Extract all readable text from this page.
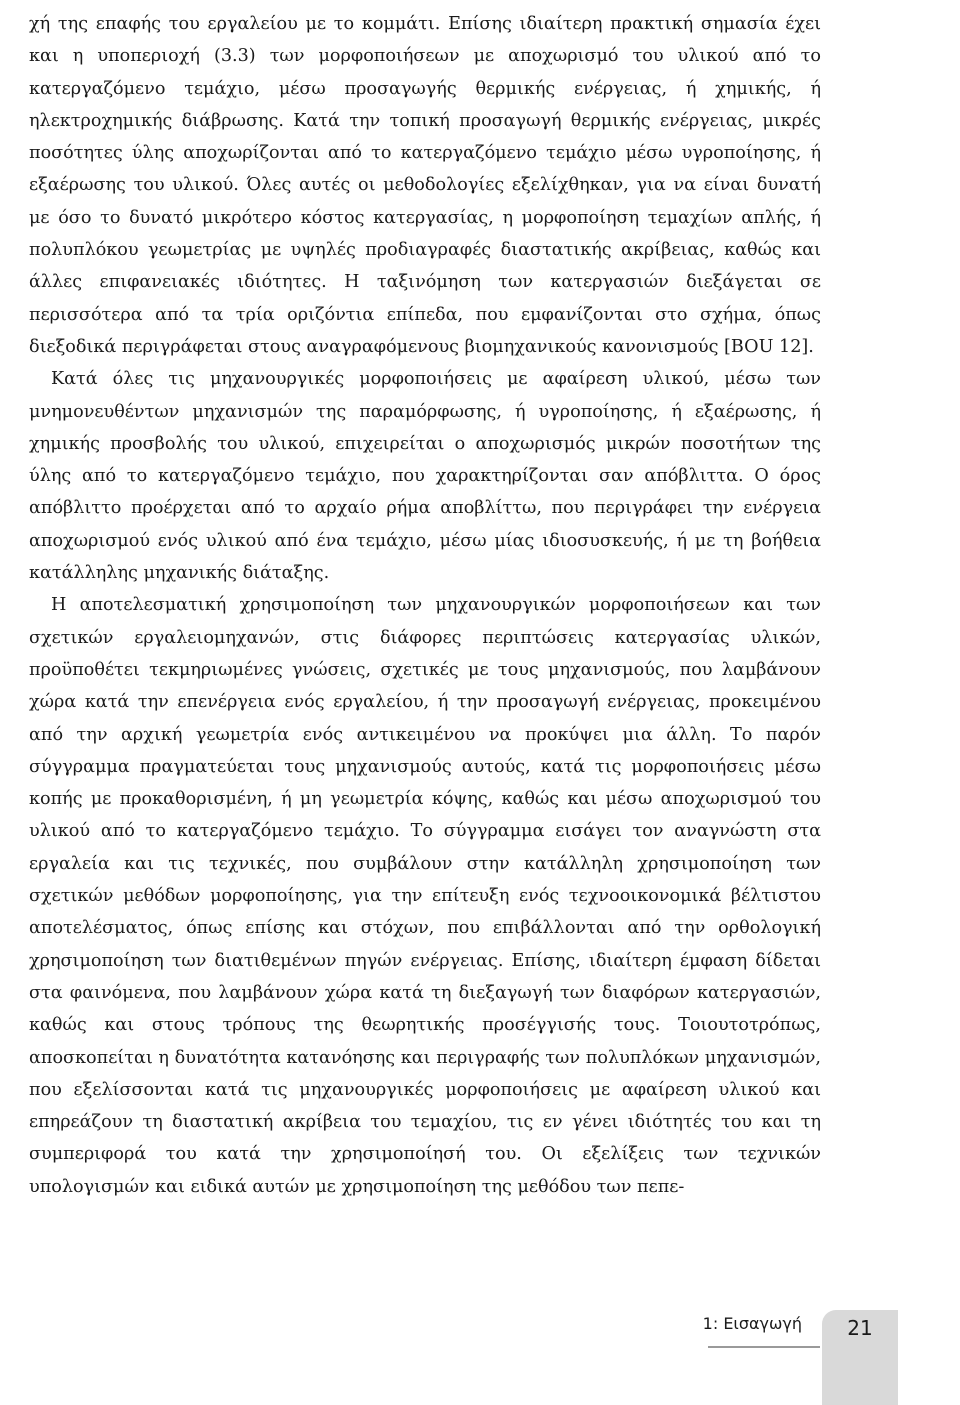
χή της επαφής του εργαλείου με το κομμάτι. Επίσης ιδιαίτερη πρακτική σημασία έχει και η υποπεριοχή (3.3) των μορφοποιήσεων με αποχωρισμό του υλικού από το κατεργαζόμενο τεμάχιο, μέσω προσαγωγής θερμικής ενέργειας, ή χημικής, ή ηλεκτροχημικής διάβρωσης. Κατά την τοπική προσαγωγή θερμικής ενέργειας, μικρές ποσότητες ύλης αποχωρίζονται από το κατεργαζόμενο τεμάχιο μέσω υγροποίησης, ή εξαέρωσης του υλικού. Όλες αυτές οι μεθοδολογίες εξελίχθηκαν, για να είναι δυνατή με όσο το δυνατό μικρότερο κόστος κατεργασίας, η μορφοποίηση τεμαχίων απλής, ή πολυπλόκου γεωμετρίας με υψηλές προδιαγραφές διαστατικής ακρίβειας, καθώς και άλλες επιφανειακές ιδιότητες. Η ταξινόμηση των κατεργασιών διεξάγεται σε περισσότερα από τα τρία οριζόντια επίπεδα, που εμφανίζονται στο σχήμα, όπως διεξοδικά περιγράφεται στους αναγραφόμενους βιομηχανικούς κανονισμούς [BOU 12].

Κατά όλες τις μηχανουργικές μορφοποιήσεις με αφαίρεση υλικού, μέσω των μνημονευθέντων μηχανισμών της παραμόρφωσης, ή υγροποίησης, ή εξαέρωσης, ή χημικής προσβολής του υλικού, επιχειρείται ο αποχωρισμός μικρών ποσοτήτων της ύλης από το κατεργαζόμενο τεμάχιο, που χαρακτηρίζονται σαν απόβλιττα. Ο όρος απόβλιττο προέρχεται από το αρχαίο ρήμα αποβλίττω, που περιγράφει την ενέργεια αποχωρισμού ενός υλικού από ένα τεμάχιο, μέσω μίας ιδιοσυσκευής, ή με τη βοήθεια κατάλληλης μηχανικής διάταξης.

Η αποτελεσματική χρησιμοποίηση των μηχανουργικών μορφοποιήσεων και των σχετικών εργαλειομηχανών, στις διάφορες περιπτώσεις κατεργασίας υλικών, προϋποθέτει τεκμηριωμένες γνώσεις, σχετικές με τους μηχανισμούς, που λαμβάνουν χώρα κατά την επενέργεια ενός εργαλείου, ή την προσαγωγή ενέργειας, προκειμένου από την αρχική γεωμετρία ενός αντικειμένου να προκύψει μια άλλη. Το παρόν σύγγραμμα πραγματεύεται τους μηχανισμούς αυτούς, κατά τις μορφοποιήσεις μέσω κοπής με προκαθορισμένη, ή μη γεωμετρία κόψης, καθώς και μέσω αποχωρισμού του υλικού από το κατεργαζόμενο τεμάχιο. Το σύγγραμμα εισάγει τον αναγνώστη στα εργαλεία και τις τεχνικές, που συμβάλουν στην κατάλληλη χρησιμοποίηση των σχετικών μεθόδων μορφοποίησης, για την επίτευξη ενός τεχνοοικονομικά βέλτιστου αποτελέσματος, όπως επίσης και στόχων, που επιβάλλονται από την ορθολογική χρησιμοποίηση των διατιθεμένων πηγών ενέργειας. Επίσης, ιδιαίτερη έμφαση δίδεται στα φαινόμενα, που λαμβάνουν χώρα κατά τη διεξαγωγή των διαφόρων κατεργασιών, καθώς και στους τρόπους της θεωρητικής προσέγγισής τους. Τοιουτοτρόπως, αποσκοπείται η δυνατότητα κατανόησης και περιγραφής των πολυπλόκων μηχανισμών, που εξελίσσονται κατά τις μηχανουργικές μορφοποιήσεις με αφαίρεση υλικού και επηρεάζουν τη διαστατική ακρίβεια του τεμαχίου, τις εν γένει ιδιότητές του και τη συμπεριφορά του κατά την χρησιμοποίησή του. Οι εξελίξεις των τεχνικών υπολογισμών και ειδικά αυτών με χρησιμοποίηση της μεθόδου των πεπε-

1: Εισαγωγή	21
